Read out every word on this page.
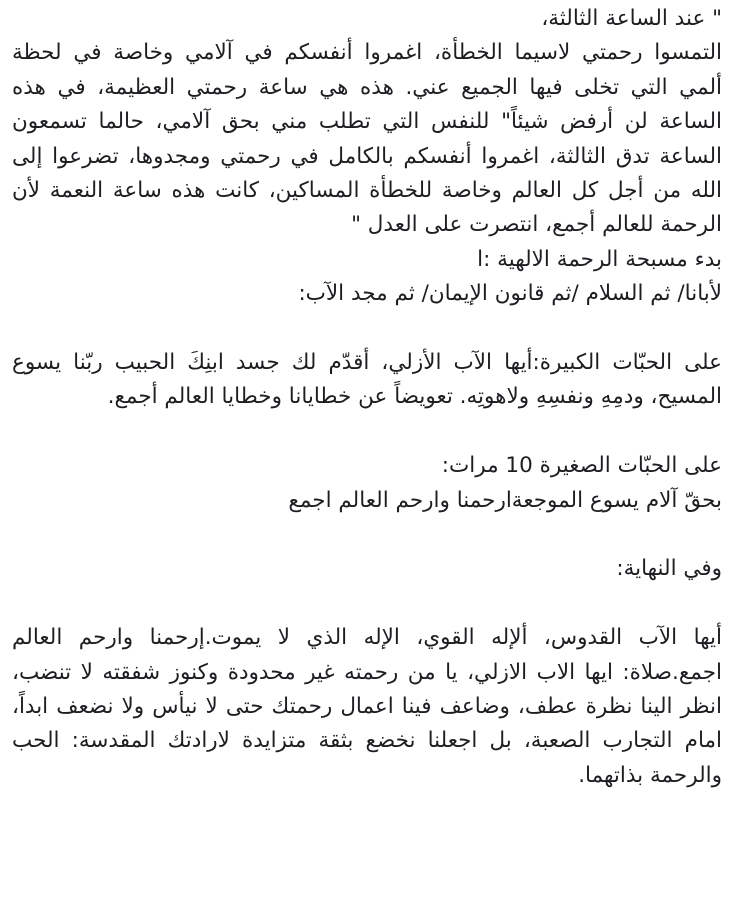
" عند الساعة الثالثة،

التمسوا رحمتي لاسيما الخطأة، اغمروا أنفسكم في آلامي وخاصة في لحظة ألمي التي تخلى فيها الجميع عني. هذه هي ساعة رحمتي العظيمة، في هذه الساعة لن أرفض شيئاً" للنفس التي تطلب مني بحق آلامي، حالما تسمعون الساعة تدق الثالثة، اغمروا أنفسكم بالكامل في رحمتي ومجدوها، تضرعوا إلى الله من أجل كل العالم وخاصة للخطأة المساكين، كانت هذه ساعة النعمة لأن الرحمة للعالم أجمع، انتصرت على العدل "

بدء مسبحة الرحمة الالهية :ا

لأبانا/ ثم السلام /ثم قانون الإيمان/ ثم مجد الآب:

على الحبّات الكبيرة:أيها الآب الأزلي، أقدّم لك جسد ابنِكَ الحبيب ربّنا يسوع المسيح، ودمِهِ ونفسِهِ ولاهوتِه. تعويضاً عن خطايانا وخطايا العالم أجمع.

على الحبّات الصغيرة 10 مرات:

بحقّ آلام يسوع الموجعةارحمنا وارحم العالم اجمع

وفي النهاية:

أيها الآب القدوس، ألإله القوي، الإله الذي لا يموت.إرحمنا وارحم العالم اجمع.صلاة: ايها الاب الازلي، يا من رحمته غير محدودة وكنوز شفقته لا تنضب، انظر الينا نظرة عطف، وضاعف فينا اعمال رحمتك حتى لا نيأس ولا نضعف ابداً، امام التجارب الصعبة، بل اجعلنا نخضع بثقة متزايدة لارادتك المقدسة: الحب والرحمة بذاتهما.
